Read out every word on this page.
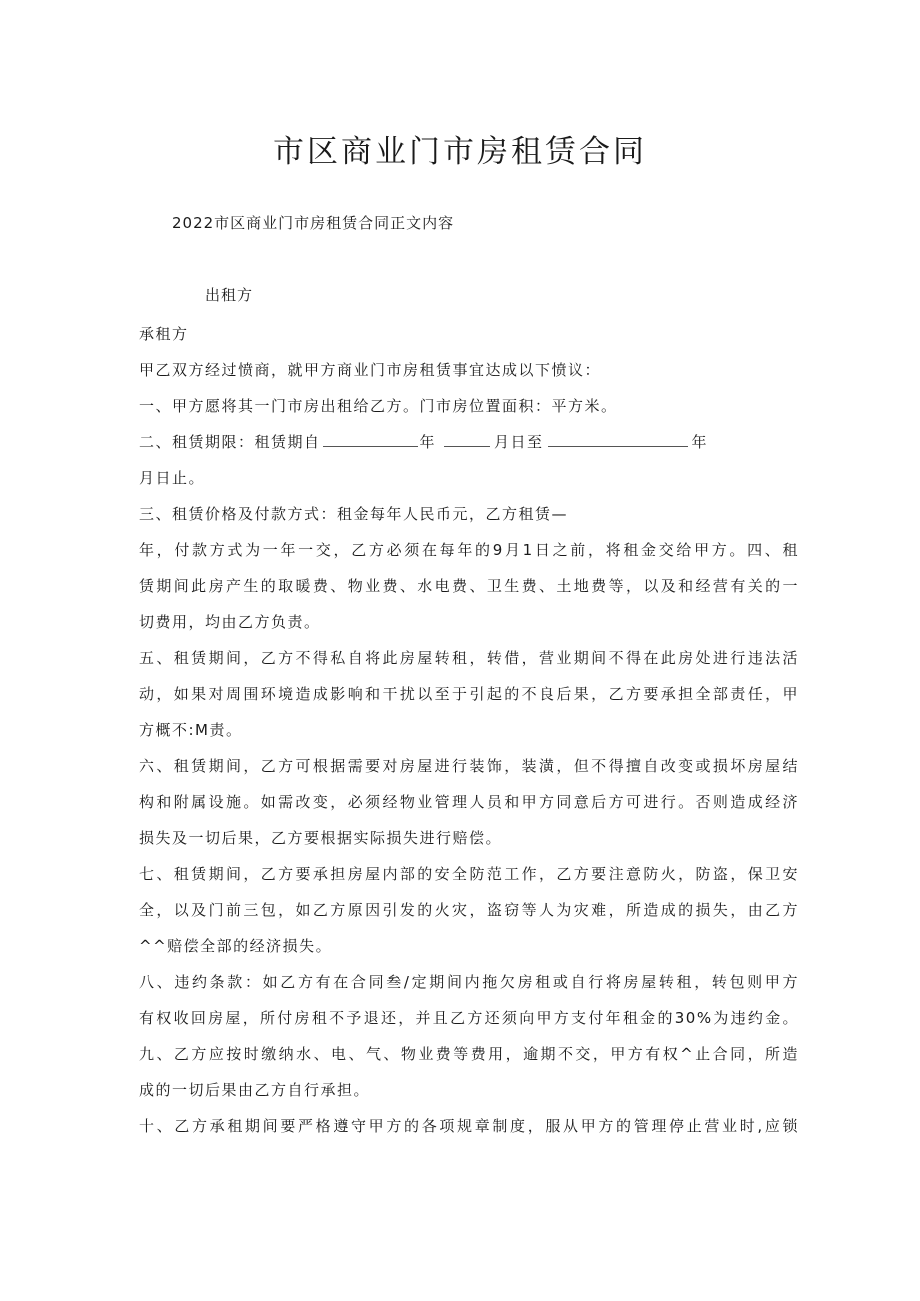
市区商业门市房租赁合同
2022市区商业门市房租赁合同正文内容
出租方
承租方
甲乙双方经过愤商，就甲方商业门市房租赁事宜达成以下愤议：
一、甲方愿将其一门市房出租给乙方。门市房位置面积：平方米。
二、租赁期限：租赁期自	年	月日至	年
月日止。
三、租赁价格及付款方式：租金每年人民币元，乙方租赁—
年，付款方式为一年一交，乙方必须在每年的9月1日之前，将租金交给甲方。四、租
赁期间此房产生的取暖费、物业费、水电费、卫生费、土地费等，以及和经营有关的一
切费用，均由乙方负责。
五、租赁期间，乙方不得私自将此房屋转租，转借，营业期间不得在此房处进行违法活
动，如果对周围环境造成影响和干扰以至于引起的不良后果，乙方要承担全部责任，甲
方概不:M责。
六、租赁期间，乙方可根据需要对房屋进行装饰，装潢，但不得擅自改变或损坏房屋结
构和附属设施。如需改变，必须经物业管理人员和甲方同意后方可进行。否则造成经济
损失及一切后果，乙方要根据实际损失进行赔偿。
七、租赁期间，乙方要承担房屋内部的安全防范工作，乙方要注意防火，防盗，保卫安
全，以及门前三包，如乙方原因引发的火灾，盗窃等人为灾难，所造成的损失，由乙方
^^赔偿全部的经济损失。
八、违约条款：如乙方有在合同叁/定期间内拖欠房租或自行将房屋转租，转包则甲方
有权收回房屋，所付房租不予退还，并且乙方还须向甲方支付年租金的30%为违约金。
九、乙方应按时缴纳水、电、气、物业费等费用，逾期不交，甲方有权^止合同，所造
成的一切后果由乙方自行承担。
十、乙方承租期间要严格遵守甲方的各项规章制度，服从甲方的管理停止营业时,应锁
